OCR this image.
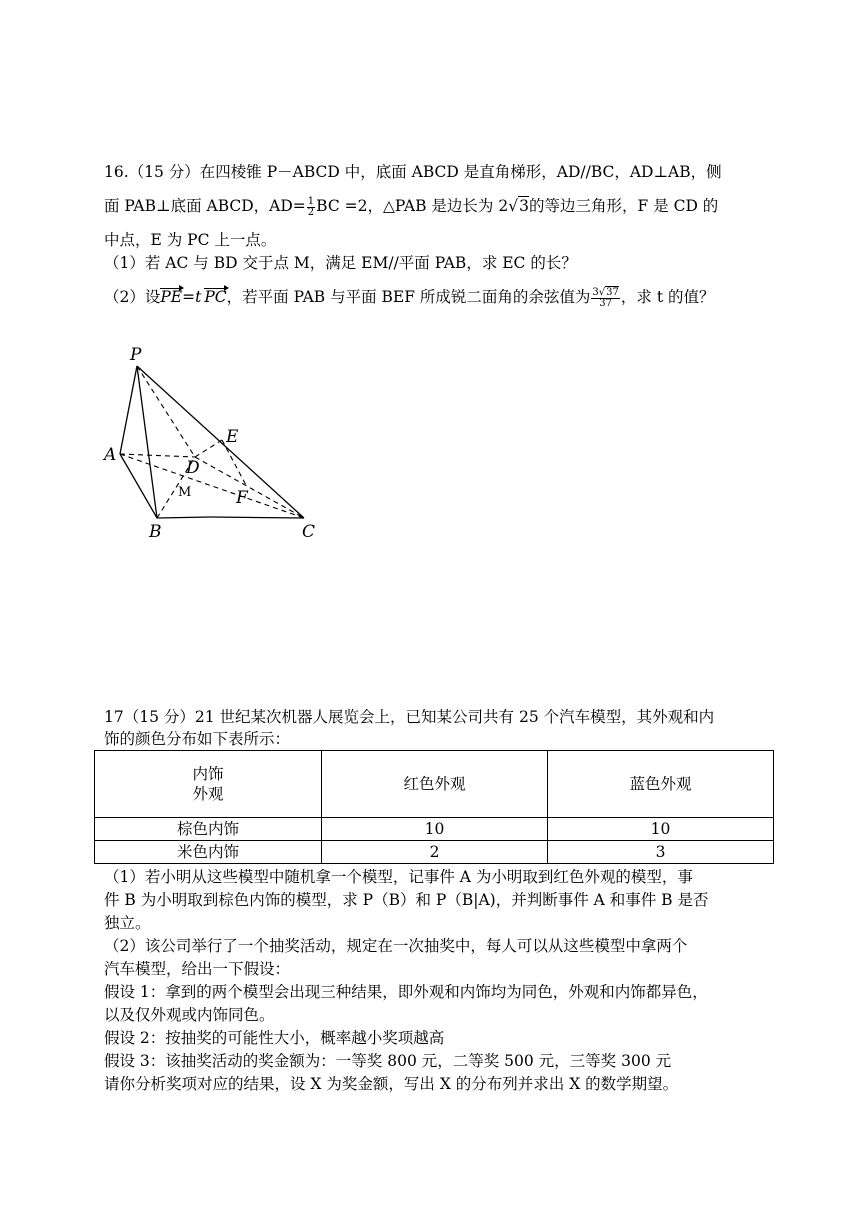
16.（15 分）在四棱锥 P－ABCD 中，底面 ABCD 是直角梯形，AD//BC，AD⊥AB，侧
面 PAB⊥底面 ABCD，$AD= \frac{1}{2}$ BC =2，△PAB 是边长为 2√3的等边三角形，F 是 CD 的
中点，E 为 PC 上一点。
（1）若 AC 与 BD 交于点 M，满足 EM//平面 PAB，求 EC 的长？
（2）设PE=t PC，若平面 PAB 与平面 BEF 所成锐二面角的余弦值为 $\frac{3√37}{37}$ ，求 t 的值？
P
A
B	C
D
E
F
M
17（15 分）21 世纪某次机器人展览会上，已知某公司共有 25 个汽车模型，其外观和内
饰的颜色分布如下表所示：
内饰
外观	红色外观	蓝色外观
棕色内饰	10	10
米色内饰	2	3
（1）若小明从这些模型中随机拿一个模型，记事件 A 为小明取到红色外观的模型，事
件 B 为小明取到棕色内饰的模型，求 P（B）和 P（B|A)，并判断事件 A 和事件 B 是否
独立。
（2）该公司举行了一个抽奖活动，规定在一次抽奖中，每人可以从这些模型中拿两个
汽车模型，给出一下假设：
假设 1：拿到的两个模型会出现三种结果，即外观和内饰均为同色，外观和内饰都异色，
以及仅外观或内饰同色。
假设 2：按抽奖的可能性大小，概率越小奖项越高
假设 3：该抽奖活动的奖金额为：一等奖 800 元，二等奖 500 元，三等奖 300 元
请你分析奖项对应的结果，设 X 为奖金额，写出 X 的分布列并求出 X 的数学期望。
